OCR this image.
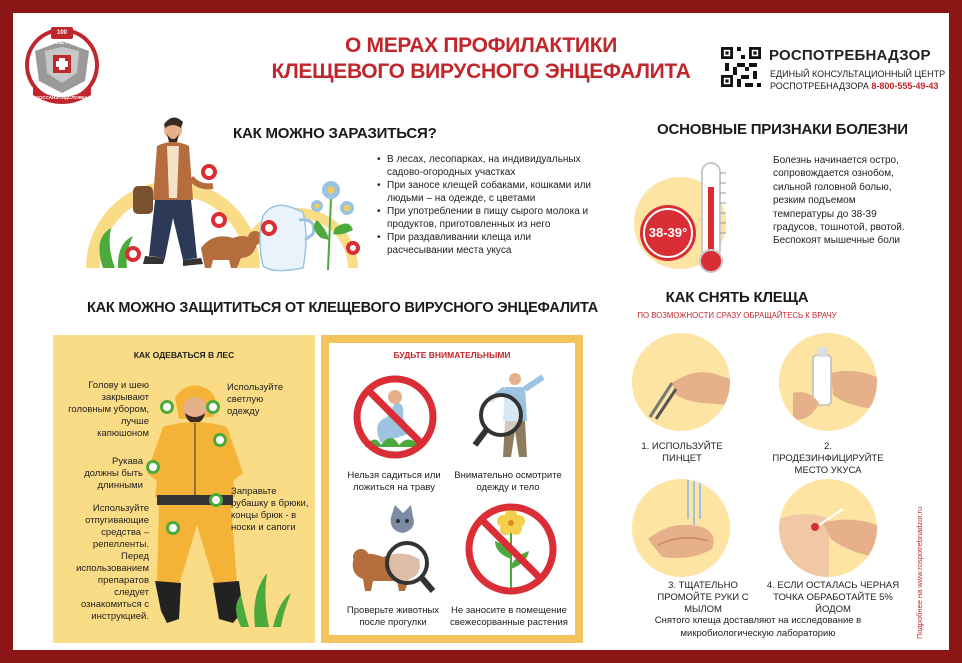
100 ЛЕТ
ГОССАНЭПИДСЛУЖБА
О МЕРАХ ПРОФИЛАКТИКИ
КЛЕЩЕВОГО ВИРУСНОГО ЭНЦЕФАЛИТА
РОСПОТРЕБНАДЗОР
ЕДИНЫЙ КОНСУЛЬТАЦИОННЫЙ ЦЕНТР
РОСПОТРЕБНАДЗОРА 8-800-555-49-43
КАК МОЖНО ЗАРАЗИТЬСЯ?
• В лесах, лесопарках, на индивидуальных садово-огородных участках
• При заносе клещей собаками, кошками или людьми – на одежде, с цветами
• При употреблении в пищу сырого молока и продуктов, приготовленных из него
• При раздавливании клеща или расчесывании места укуса
ОСНОВНЫЕ ПРИЗНАКИ БОЛЕЗНИ
38-39°
Болезнь начинается остро, сопровождается ознобом, сильной головной болью, резким подъемом температуры до 38-39 градусов, тошнотой, рвотой. Беспокоят мышечные боли
КАК МОЖНО ЗАЩИТИТЬСЯ ОТ КЛЕЩЕВОГО ВИРУСНОГО ЭНЦЕФАЛИТА
КАК ОДЕВАТЬСЯ В ЛЕС
Голову и шею закрывают головным убором, лучше капюшоном
Используйте светлую одежду
Рукава должны быть длинными
Заправьте рубашку в брюки, концы брюк - в носки и сапоги
Используйте отпугивающие средства – репелленты. Перед использованием препаратов следует ознакомиться с инструкцией.
БУДЬТЕ ВНИМАТЕЛЬНЫМИ
Нельзя садиться или ложиться на траву
Внимательно осмотрите одежду и тело
Проверьте животных после прогулки
Не заносите в помещение свежесорванные растения
КАК СНЯТЬ КЛЕЩА
ПО ВОЗМОЖНОСТИ СРАЗУ ОБРАЩАЙТЕСЬ К ВРАЧУ
1. ИСПОЛЬЗУЙТЕ ПИНЦЕТ
2. ПРОДЕЗИНФИЦИРУЙТЕ МЕСТО УКУСА
3. ТЩАТЕЛЬНО ПРОМОЙТЕ РУКИ С МЫЛОМ
4. ЕСЛИ ОСТАЛАСЬ ЧЕРНАЯ ТОЧКА ОБРАБОТАЙТЕ 5% ЙОДОМ
Снятого клеща доставляют на исследование в микробиологическую лабораторию	Подробнее на www.rospotrebnadzor.ru
